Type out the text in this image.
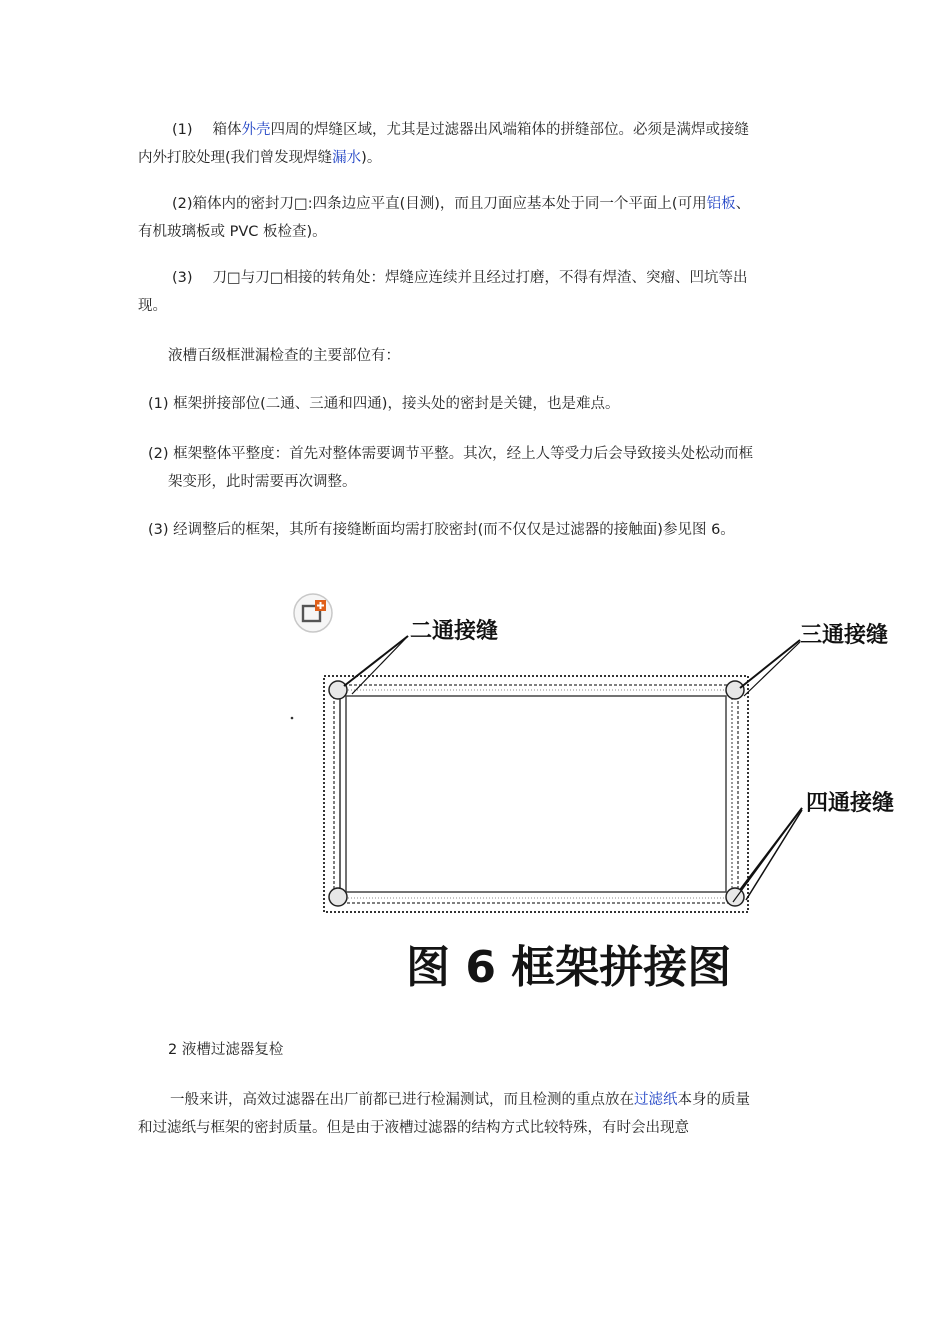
(1) 箱体外壳四周的焊缝区域，尤其是过滤器出风端箱体的拼缝部位。必须是满焊或接缝
内外打胶处理(我们曾发现焊缝漏水)。
(2)箱体内的密封刀□:四条边应平直(目测)，而且刀面应基本处于同一个平面上(可用铝板、
有机玻璃板或 PVC 板检查)。
(3) 刀□与刀□相接的转角处：焊缝应连续并且经过打磨，不得有焊渣、突瘤、凹坑等出
现。
液槽百级框泄漏检查的主要部位有：
(1) 框架拼接部位(二通、三通和四通)，接头处的密封是关键，也是难点。
(2) 框架整体平整度：首先对整体需要调节平整。其次，经上人等受力后会导致接头处松动而框
架变形，此时需要再次调整。
(3) 经调整后的框架，其所有接缝断面均需打胶密封(而不仅仅是过滤器的接触面)参见图 6。
二通接缝	三通接缝
四通接缝
图 6 框架拼接图
2 液槽过滤器复检
一般来讲，高效过滤器在出厂前都已进行检漏测试，而且检测的重点放在过滤纸本身的质量
和过滤纸与框架的密封质量。但是由于液槽过滤器的结构方式比较特殊，有时会出现意
